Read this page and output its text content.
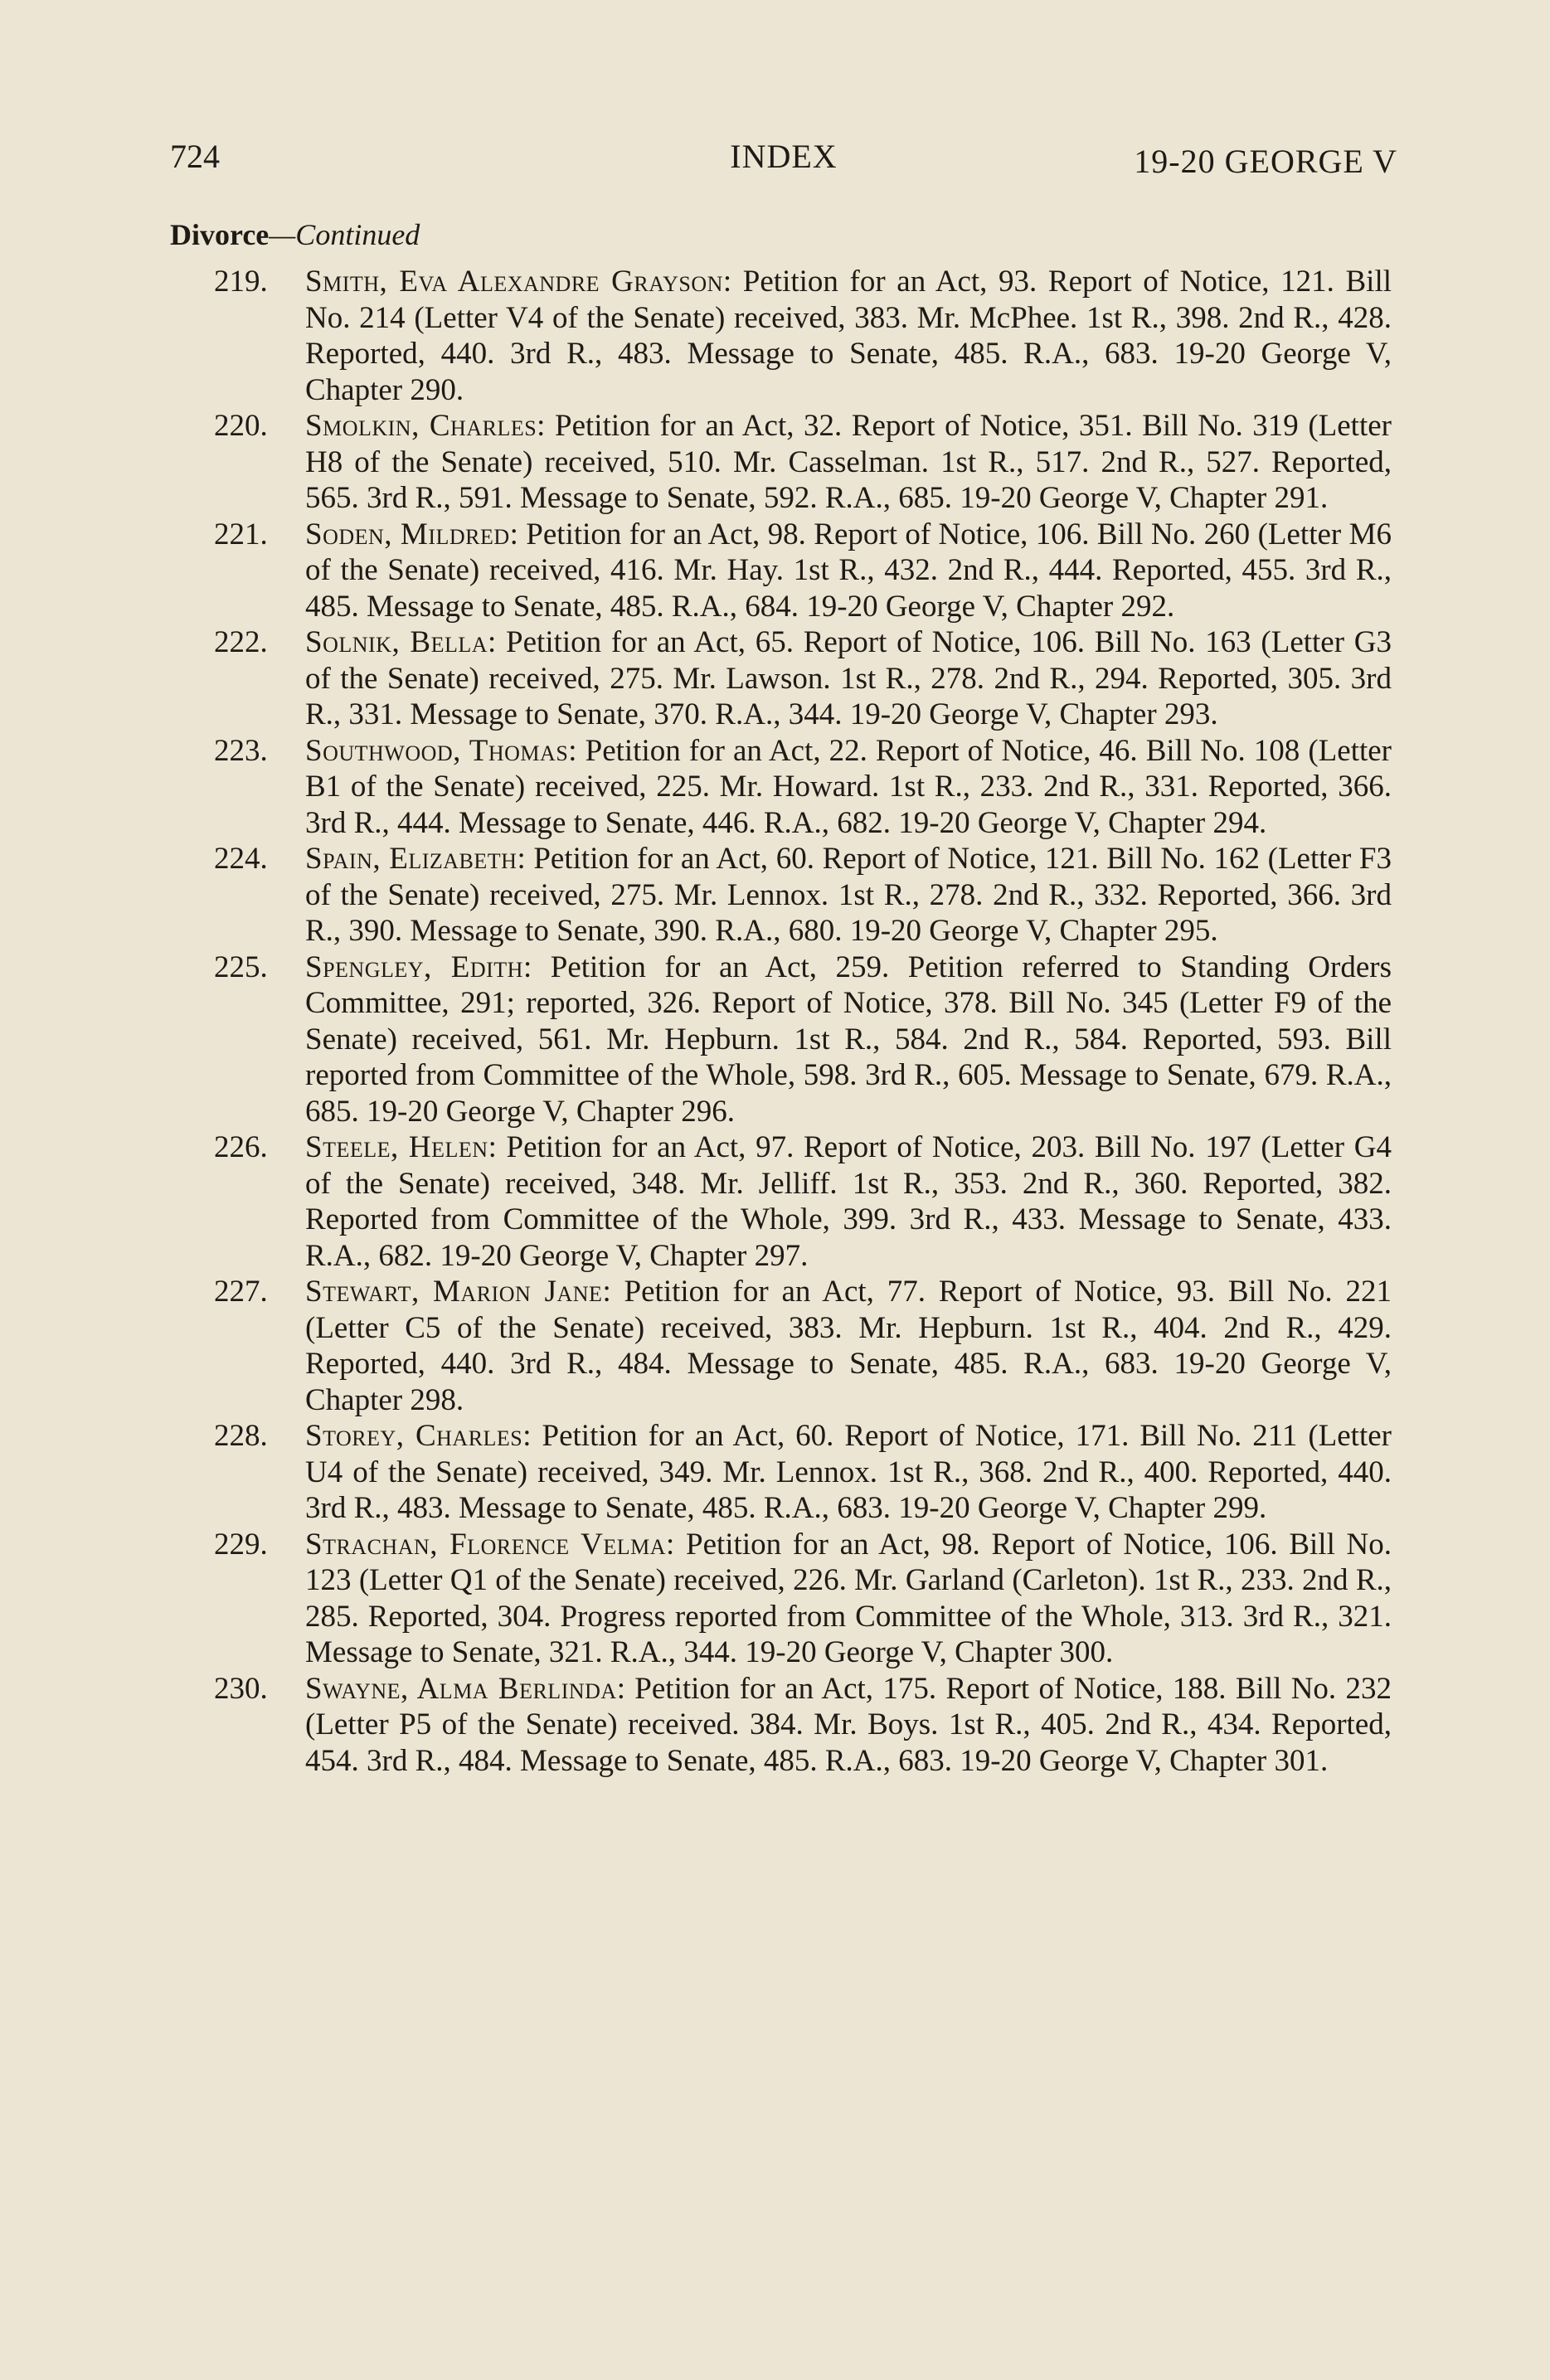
724	INDEX	19-20 GEORGE V
Divorce—Continued
219. Smith, Eva Alexandre Grayson: Petition for an Act, 93. Report of Notice, 121. Bill No. 214 (Letter V4 of the Senate) received, 383. Mr. McPhee. 1st R., 398. 2nd R., 428. Reported, 440. 3rd R., 483. Message to Senate, 485. R.A., 683. 19-20 George V, Chapter 290.
220. Smolkin, Charles: Petition for an Act, 32. Report of Notice, 351. Bill No. 319 (Letter H8 of the Senate) received, 510. Mr. Casselman. 1st R., 517. 2nd R., 527. Reported, 565. 3rd R., 591. Message to Senate, 592. R.A., 685. 19-20 George V, Chapter 291.
221. Soden, Mildred: Petition for an Act, 98. Report of Notice, 106. Bill No. 260 (Letter M6 of the Senate) received, 416. Mr. Hay. 1st R., 432. 2nd R., 444. Reported, 455. 3rd R., 485. Message to Senate, 485. R.A., 684. 19-20 George V, Chapter 292.
222. Solnik, Bella: Petition for an Act, 65. Report of Notice, 106. Bill No. 163 (Letter G3 of the Senate) received, 275. Mr. Lawson. 1st R., 278. 2nd R., 294. Reported, 305. 3rd R., 331. Message to Senate, 370. R.A., 344. 19-20 George V, Chapter 293.
223. Southwood, Thomas: Petition for an Act, 22. Report of Notice, 46. Bill No. 108 (Letter B1 of the Senate) received, 225. Mr. Howard. 1st R., 233. 2nd R., 331. Reported, 366. 3rd R., 444. Message to Senate, 446. R.A., 682. 19-20 George V, Chapter 294.
224. Spain, Elizabeth: Petition for an Act, 60. Report of Notice, 121. Bill No. 162 (Letter F3 of the Senate) received, 275. Mr. Lennox. 1st R., 278. 2nd R., 332. Reported, 366. 3rd R., 390. Message to Senate, 390. R.A., 680. 19-20 George V, Chapter 295.
225. Spengley, Edith: Petition for an Act, 259. Petition referred to Standing Orders Committee, 291; reported, 326. Report of Notice, 378. Bill No. 345 (Letter F9 of the Senate) received, 561. Mr. Hepburn. 1st R., 584. 2nd R., 584. Reported, 593. Bill reported from Committee of the Whole, 598. 3rd R., 605. Message to Senate, 679. R.A., 685. 19-20 George V, Chapter 296.
226. Steele, Helen: Petition for an Act, 97. Report of Notice, 203. Bill No. 197 (Letter G4 of the Senate) received, 348. Mr. Jelliff. 1st R., 353. 2nd R., 360. Reported, 382. Reported from Committee of the Whole, 399. 3rd R., 433. Message to Senate, 433. R.A., 682. 19-20 George V, Chapter 297.
227. Stewart, Marion Jane: Petition for an Act, 77. Report of Notice, 93. Bill No. 221 (Letter C5 of the Senate) received, 383. Mr. Hepburn. 1st R., 404. 2nd R., 429. Reported, 440. 3rd R., 484. Message to Senate, 485. R.A., 683. 19-20 George V, Chapter 298.
228. Storey, Charles: Petition for an Act, 60. Report of Notice, 171. Bill No. 211 (Letter U4 of the Senate) received, 349. Mr. Lennox. 1st R., 368. 2nd R., 400. Reported, 440. 3rd R., 483. Message to Senate, 485. R.A., 683. 19-20 George V, Chapter 299.
229. Strachan, Florence Velma: Petition for an Act, 98. Report of Notice, 106. Bill No. 123 (Letter Q1 of the Senate) received, 226. Mr. Garland (Carleton). 1st R., 233. 2nd R., 285. Reported, 304. Progress reported from Committee of the Whole, 313. 3rd R., 321. Message to Senate, 321. R.A., 344. 19-20 George V, Chapter 300.
230. Swayne, Alma Berlinda: Petition for an Act, 175. Report of Notice, 188. Bill No. 232 (Letter P5 of the Senate) received. 384. Mr. Boys. 1st R., 405. 2nd R., 434. Reported, 454. 3rd R., 484. Message to Senate, 485. R.A., 683. 19-20 George V, Chapter 301.
